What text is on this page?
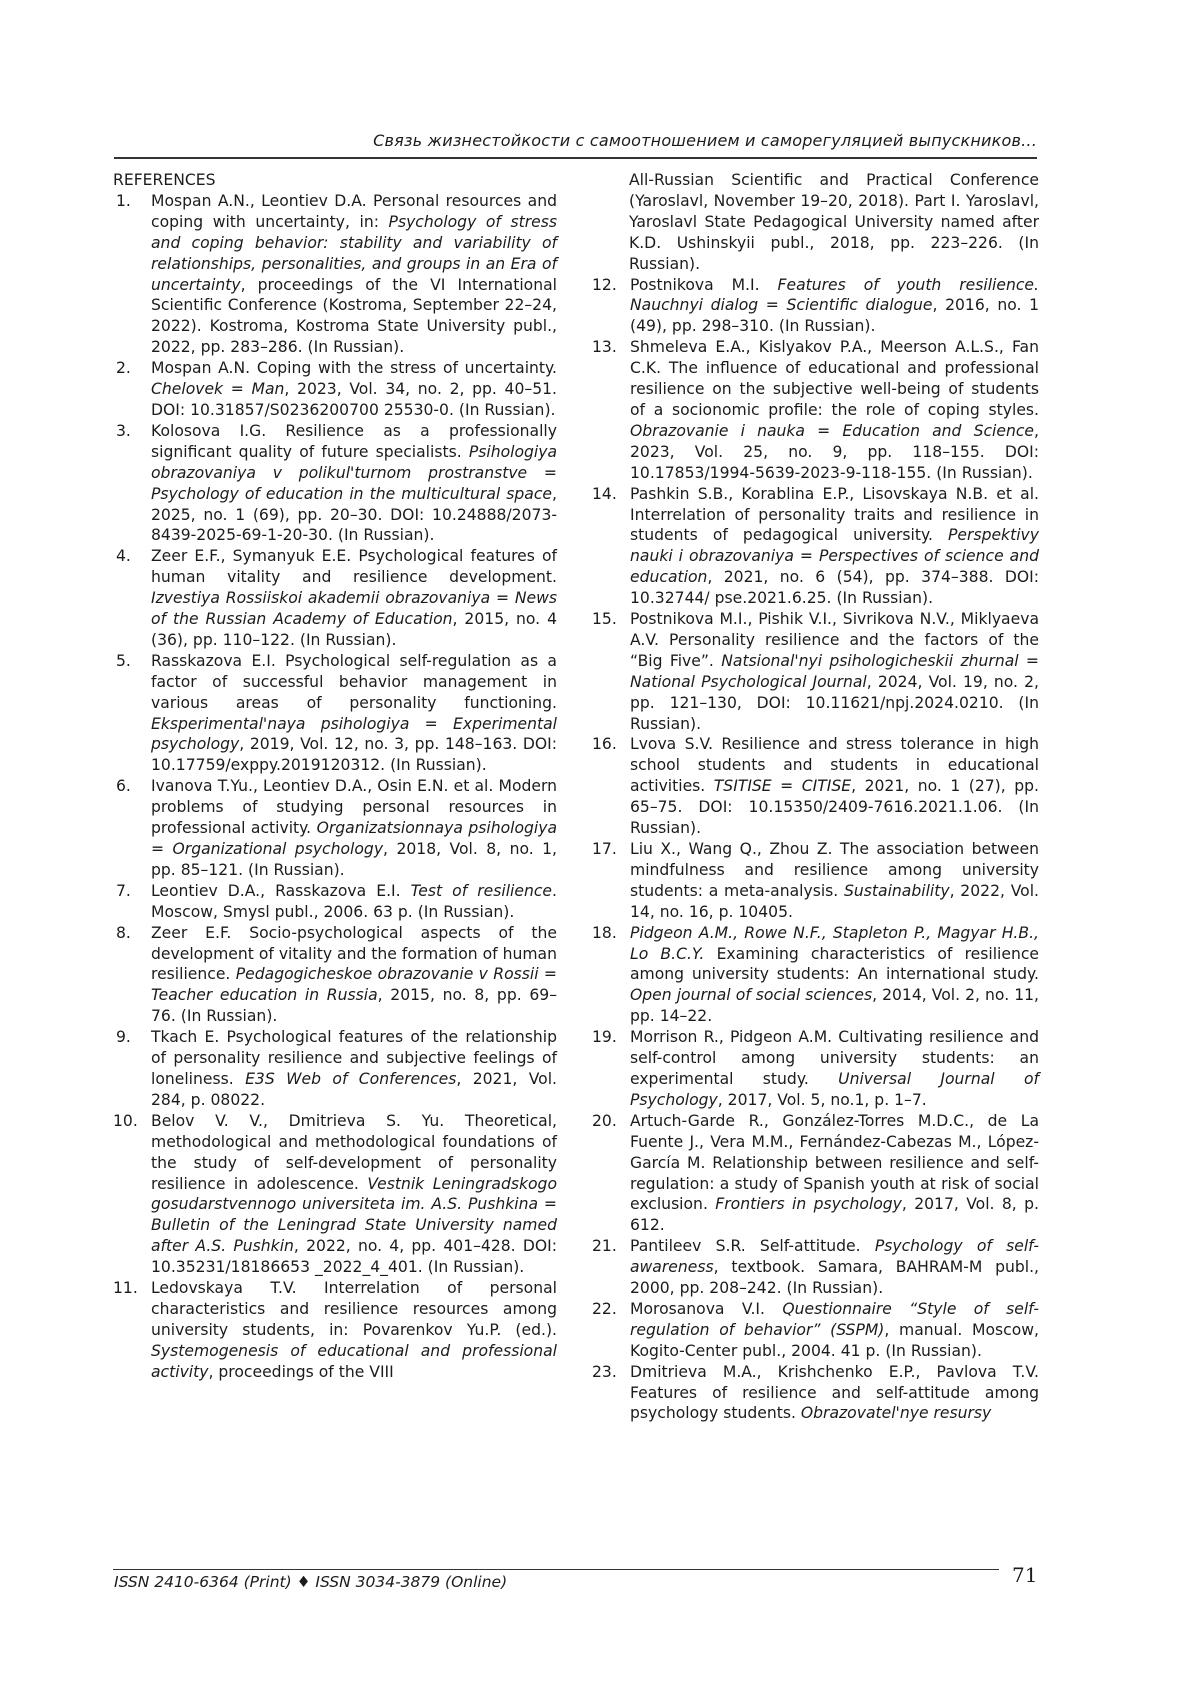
Связь жизнестойкости с самоотношением и саморегуляцией выпускников...
REFERENCES
1. Mospan A.N., Leontiev D.A. Personal resources and coping with uncertainty, in: Psychology of stress and coping behavior: stability and variability of relationships, personalities, and groups in an Era of uncertainty, proceedings of the VI International Scientific Conference (Kostroma, September 22–24, 2022). Kostroma, Kostroma State University publ., 2022, pp. 283–286. (In Russian).
2. Mospan A.N. Coping with the stress of uncertainty. Chelovek = Man, 2023, Vol. 34, no. 2, pp. 40–51. DOI: 10.31857/S0236200700 25530-0. (In Russian).
3. Kolosova I.G. Resilience as a professionally significant quality of future specialists. Psihologiya obrazovaniya v polikul'turnom prostranstve = Psychology of education in the multicultural space, 2025, no. 1 (69), pp. 20–30. DOI: 10.24888/2073-8439-2025-69-1-20-30. (In Russian).
4. Zeer E.F., Symanyuk E.E. Psychological features of human vitality and resilience development. Izvestiya Rossiiskoi akademii obrazovaniya = News of the Russian Academy of Education, 2015, no. 4 (36), pp. 110–122. (In Russian).
5. Rasskazova E.I. Psychological self-regulation as a factor of successful behavior management in various areas of personality functioning. Eksperimental'naya psihologiya = Experimental psychology, 2019, Vol. 12, no. 3, pp. 148–163. DOI: 10.17759/exppy.2019120312. (In Russian).
6. Ivanova T.Yu., Leontiev D.A., Osin E.N. et al. Modern problems of studying personal resources in professional activity. Organizatsionnaya psihologiya = Organizational psychology, 2018, Vol. 8, no. 1, pp. 85–121. (In Russian).
7. Leontiev D.A., Rasskazova E.I. Test of resilience. Moscow, Smysl publ., 2006. 63 p. (In Russian).
8. Zeer E.F. Socio-psychological aspects of the development of vitality and the formation of human resilience. Pedagogicheskoe obrazovanie v Rossii = Teacher education in Russia, 2015, no. 8, pp. 69–76. (In Russian).
9. Tkach E. Psychological features of the relationship of personality resilience and subjective feelings of loneliness. E3S Web of Conferences, 2021, Vol. 284, p. 08022.
10. Belov V. V., Dmitrieva S. Yu. Theoretical, methodological and methodological foundations of the study of self-development of personality resilience in adolescence. Vestnik Leningradskogo gosudarstvennogo universiteta im. A.S. Pushkina = Bulletin of the Leningrad State University named after A.S. Pushkin, 2022, no. 4, pp. 401–428. DOI: 10.35231/18186653 _2022_4_401. (In Russian).
11. Ledovskaya T.V. Interrelation of personal characteristics and resilience resources among university students, in: Povarenkov Yu.P. (ed.). Systemogenesis of educational and professional activity, proceedings of the VIII
All-Russian Scientific and Practical Conference (Yaroslavl, November 19–20, 2018). Part I. Yaroslavl, Yaroslavl State Pedagogical University named after K.D. Ushinskyii publ., 2018, pp. 223–226. (In Russian).
12. Postnikova M.I. Features of youth resilience. Nauchnyi dialog = Scientific dialogue, 2016, no. 1 (49), pp. 298–310. (In Russian).
13. Shmeleva E.A., Kislyakov P.A., Meerson A.L.S., Fan C.K. The influence of educational and professional resilience on the subjective well-being of students of a socionomic profile: the role of coping styles. Obrazovanie i nauka = Education and Science, 2023, Vol. 25, no. 9, pp. 118–155. DOI: 10.17853/1994-5639-2023-9-118-155. (In Russian).
14. Pashkin S.B., Korablina E.P., Lisovskaya N.B. et al. Interrelation of personality traits and resilience in students of pedagogical university. Perspektivy nauki i obrazovaniya = Perspectives of science and education, 2021, no. 6 (54), pp. 374–388. DOI: 10.32744/ pse.2021.6.25. (In Russian).
15. Postnikova M.I., Pishik V.I., Sivrikova N.V., Miklyaeva A.V. Personality resilience and the factors of the “Big Five”. Natsional'nyi psihologicheskii zhurnal = National Psychological Journal, 2024, Vol. 19, no. 2, pp. 121–130, DOI: 10.11621/npj.2024.0210. (In Russian).
16. Lvova S.V. Resilience and stress tolerance in high school students and students in educational activities. TSITISE = CITISE, 2021, no. 1 (27), pp. 65–75. DOI: 10.15350/2409-7616.2021.1.06. (In Russian).
17. Liu X., Wang Q., Zhou Z. The association between mindfulness and resilience among university students: a meta-analysis. Sustainability, 2022, Vol. 14, no. 16, p. 10405.
18. Pidgeon A.M., Rowe N.F., Stapleton P., Magyar H.B., Lo B.C.Y. Examining characteristics of resilience among university students: An international study. Open journal of social sciences, 2014, Vol. 2, no. 11, pp. 14–22.
19. Morrison R., Pidgeon A.M. Cultivating resilience and self-control among university students: an experimental study. Universal Journal of Psychology, 2017, Vol. 5, no.1, p. 1–7.
20. Artuch-Garde R., González-Torres M.D.C., de La Fuente J., Vera M.M., Fernández-Cabezas M., López-García M. Relationship between resilience and self-regulation: a study of Spanish youth at risk of social exclusion. Frontiers in psychology, 2017, Vol. 8, p. 612.
21. Pantileev S.R. Self-attitude. Psychology of self-awareness, textbook. Samara, BAHRAM-M publ., 2000, pp. 208–242. (In Russian).
22. Morosanova V.I. Questionnaire “Style of self-regulation of behavior” (SSPM), manual. Moscow, Kogito-Center publ., 2004. 41 p. (In Russian).
23. Dmitrieva M.A., Krishchenko E.P., Pavlova T.V. Features of resilience and self-attitude among psychology students. Obrazovatel'nye resursy
ISSN 2410-6364 (Print) ♦ ISSN 3034-3879 (Online)	71
